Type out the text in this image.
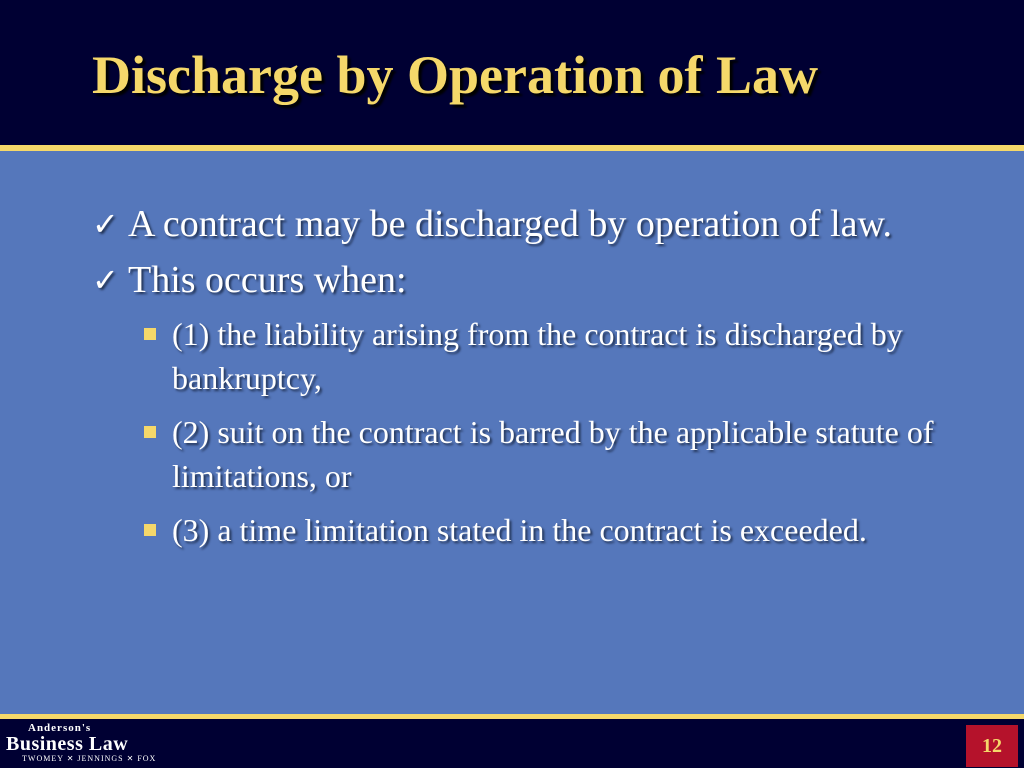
Discharge by Operation of Law

✓ A contract may be discharged by operation of law.

✓ This occurs when:

(1) the liability arising from the contract is discharged by bankruptcy,

(2) suit on the contract is barred by the applicable statute of limitations, or

(3) a time limitation stated in the contract is exceeded.

Anderson's
Business Law
TWOMEY ✕ JENNINGS ✕ FOX
12
